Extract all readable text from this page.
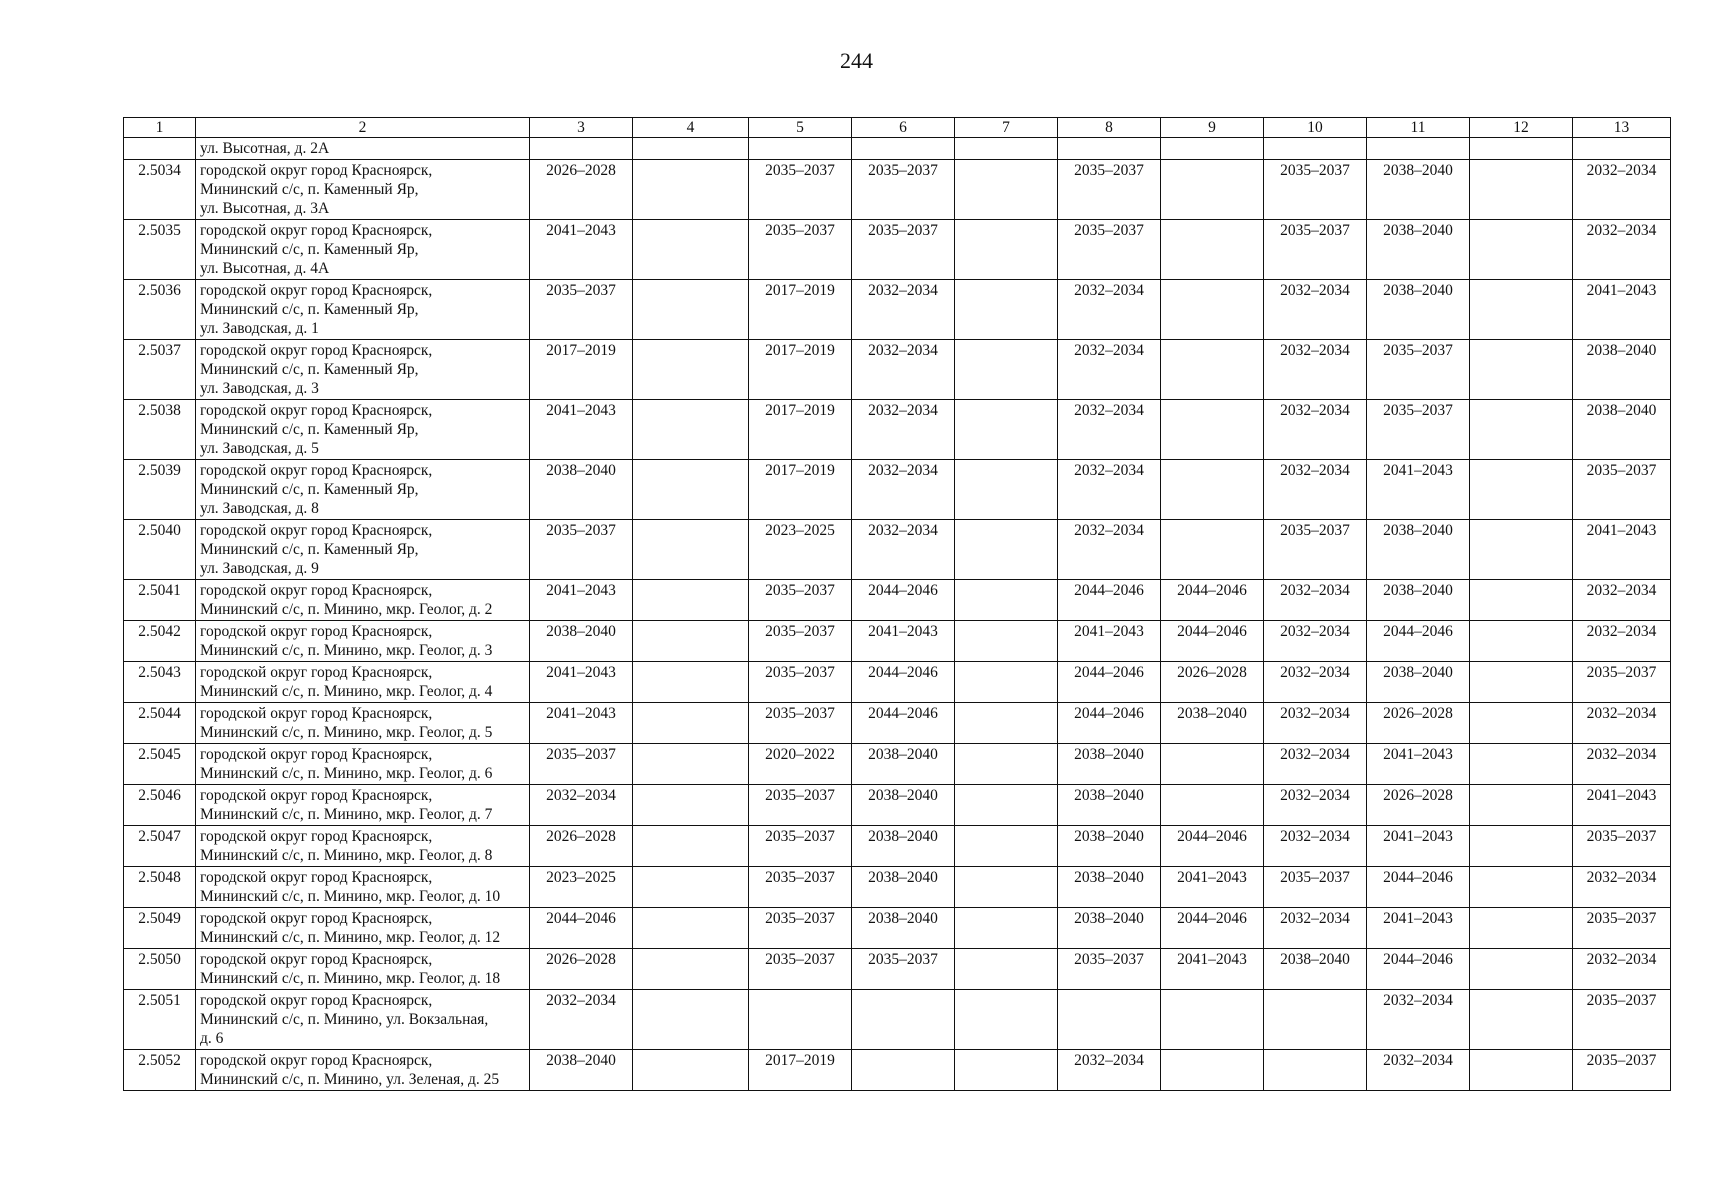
244
1	2	3	4	5	6	7	8	9	10	11	12	13
	ул. Высотная, д. 2А											
2.5034	городской округ город Красноярск,
Мининский с/с, п. Каменный Яр,
ул. Высотная, д. 3А	2026–2028		2035–2037	2035–2037		2035–2037		2035–2037	2038–2040		2032–2034
2.5035	городской округ город Красноярск,
Мининский с/с, п. Каменный Яр,
ул. Высотная, д. 4А	2041–2043		2035–2037	2035–2037		2035–2037		2035–2037	2038–2040		2032–2034
2.5036	городской округ город Красноярск,
Мининский с/с, п. Каменный Яр,
ул. Заводская, д. 1	2035–2037		2017–2019	2032–2034		2032–2034		2032–2034	2038–2040		2041–2043
2.5037	городской округ город Красноярск,
Мининский с/с, п. Каменный Яр,
ул. Заводская, д. 3	2017–2019		2017–2019	2032–2034		2032–2034		2032–2034	2035–2037		2038–2040
2.5038	городской округ город Красноярск,
Мининский с/с, п. Каменный Яр,
ул. Заводская, д. 5	2041–2043		2017–2019	2032–2034		2032–2034		2032–2034	2035–2037		2038–2040
2.5039	городской округ город Красноярск,
Мининский с/с, п. Каменный Яр,
ул. Заводская, д. 8	2038–2040		2017–2019	2032–2034		2032–2034		2032–2034	2041–2043		2035–2037
2.5040	городской округ город Красноярск,
Мининский с/с, п. Каменный Яр,
ул. Заводская, д. 9	2035–2037		2023–2025	2032–2034		2032–2034		2035–2037	2038–2040		2041–2043
2.5041	городской округ город Красноярск,
Мининский с/с, п. Минино, мкр. Геолог, д. 2	2041–2043		2035–2037	2044–2046		2044–2046	2044–2046	2032–2034	2038–2040		2032–2034
2.5042	городской округ город Красноярск,
Мининский с/с, п. Минино, мкр. Геолог, д. 3	2038–2040		2035–2037	2041–2043		2041–2043	2044–2046	2032–2034	2044–2046		2032–2034
2.5043	городской округ город Красноярск,
Мининский с/с, п. Минино, мкр. Геолог, д. 4	2041–2043		2035–2037	2044–2046		2044–2046	2026–2028	2032–2034	2038–2040		2035–2037
2.5044	городской округ город Красноярск,
Мининский с/с, п. Минино, мкр. Геолог, д. 5	2041–2043		2035–2037	2044–2046		2044–2046	2038–2040	2032–2034	2026–2028		2032–2034
2.5045	городской округ город Красноярск,
Мининский с/с, п. Минино, мкр. Геолог, д. 6	2035–2037		2020–2022	2038–2040		2038–2040		2032–2034	2041–2043		2032–2034
2.5046	городской округ город Красноярск,
Мининский с/с, п. Минино, мкр. Геолог, д. 7	2032–2034		2035–2037	2038–2040		2038–2040		2032–2034	2026–2028		2041–2043
2.5047	городской округ город Красноярск,
Мининский с/с, п. Минино, мкр. Геолог, д. 8	2026–2028		2035–2037	2038–2040		2038–2040	2044–2046	2032–2034	2041–2043		2035–2037
2.5048	городской округ город Красноярск,
Мининский с/с, п. Минино, мкр. Геолог, д. 10	2023–2025		2035–2037	2038–2040		2038–2040	2041–2043	2035–2037	2044–2046		2032–2034
2.5049	городской округ город Красноярск,
Мининский с/с, п. Минино, мкр. Геолог, д. 12	2044–2046		2035–2037	2038–2040		2038–2040	2044–2046	2032–2034	2041–2043		2035–2037
2.5050	городской округ город Красноярск,
Мининский с/с, п. Минино, мкр. Геолог, д. 18	2026–2028		2035–2037	2035–2037		2035–2037	2041–2043	2038–2040	2044–2046		2032–2034
2.5051	городской округ город Красноярск,
Мининский с/с, п. Минино, ул. Вокзальная,
д. 6	2032–2034								2032–2034		2035–2037
2.5052	городской округ город Красноярск,
Мининский с/с, п. Минино, ул. Зеленая, д. 25	2038–2040		2017–2019			2032–2034			2032–2034		2035–2037
